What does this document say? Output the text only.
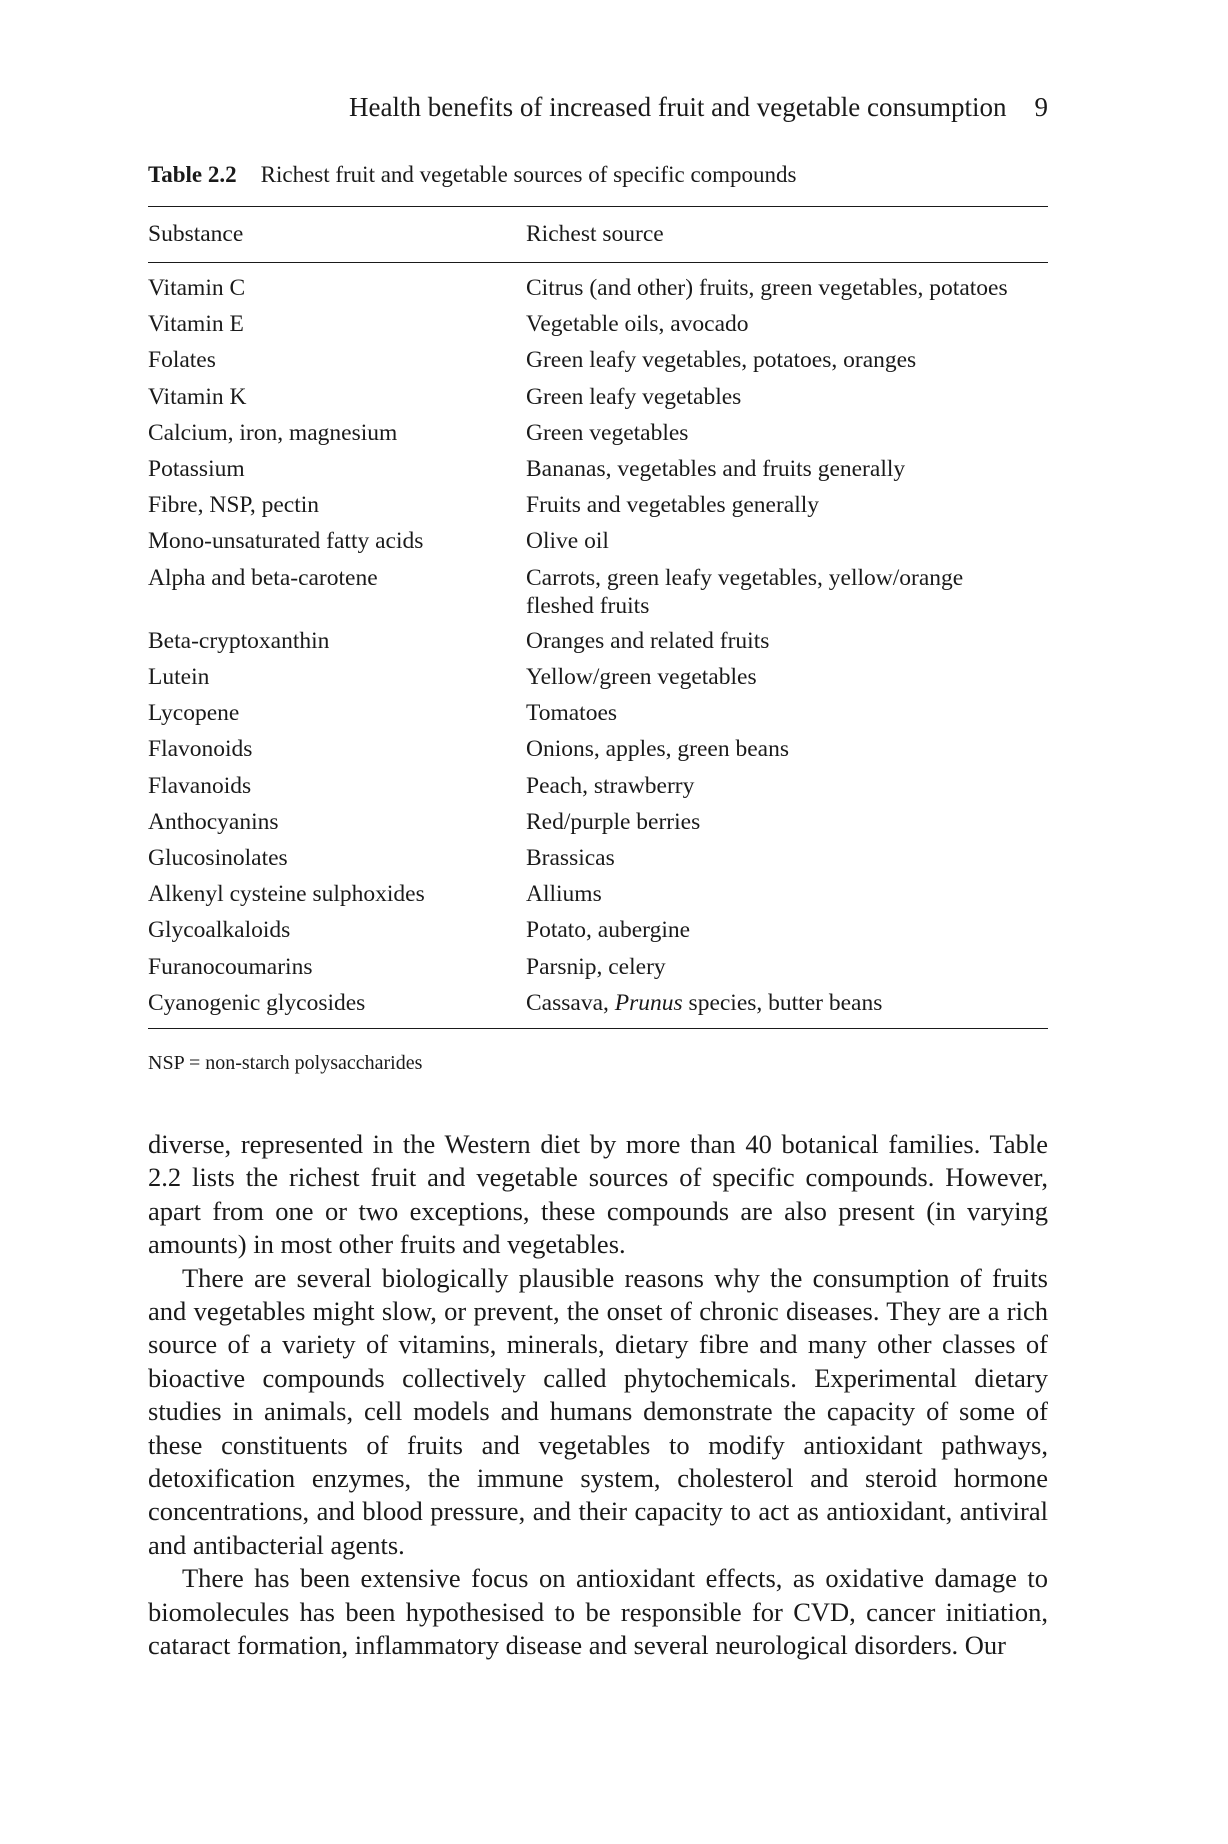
Health benefits of increased fruit and vegetable consumption 9
Table 2.2 Richest fruit and vegetable sources of specific compounds
Substance	Richest source
Vitamin C	Citrus (and other) fruits, green vegetables, potatoes
Vitamin E	Vegetable oils, avocado
Folates	Green leafy vegetables, potatoes, oranges
Vitamin K	Green leafy vegetables
Calcium, iron, magnesium	Green vegetables
Potassium	Bananas, vegetables and fruits generally
Fibre, NSP, pectin	Fruits and vegetables generally
Mono-unsaturated fatty acids	Olive oil
Alpha and beta-carotene	Carrots, green leafy vegetables, yellow/orange fleshed fruits
Beta-cryptoxanthin	Oranges and related fruits
Lutein	Yellow/green vegetables
Lycopene	Tomatoes
Flavonoids	Onions, apples, green beans
Flavanoids	Peach, strawberry
Anthocyanins	Red/purple berries
Glucosinolates	Brassicas
Alkenyl cysteine sulphoxides	Alliums
Glycoalkaloids	Potato, aubergine
Furanocoumarins	Parsnip, celery
Cyanogenic glycosides	Cassava, Prunus species, butter beans
NSP = non-starch polysaccharides

diverse, represented in the Western diet by more than 40 botanical families. Table 2.2 lists the richest fruit and vegetable sources of specific compounds. However, apart from one or two exceptions, these compounds are also present (in varying amounts) in most other fruits and vegetables.

There are several biologically plausible reasons why the consumption of fruits and vegetables might slow, or prevent, the onset of chronic diseases. They are a rich source of a variety of vitamins, minerals, dietary fibre and many other classes of bioactive compounds collectively called phytochemicals. Experimental dietary studies in animals, cell models and humans demonstrate the capacity of some of these constituents of fruits and vegetables to modify antioxidant pathways, detoxification enzymes, the immune system, cholesterol and steroid hormone concentrations, and blood pressure, and their capacity to act as antioxidant, antiviral and antibacterial agents.

There has been extensive focus on antioxidant effects, as oxidative damage to biomolecules has been hypothesised to be responsible for CVD, cancer initiation, cataract formation, inflammatory disease and several neurological disorders. Our
